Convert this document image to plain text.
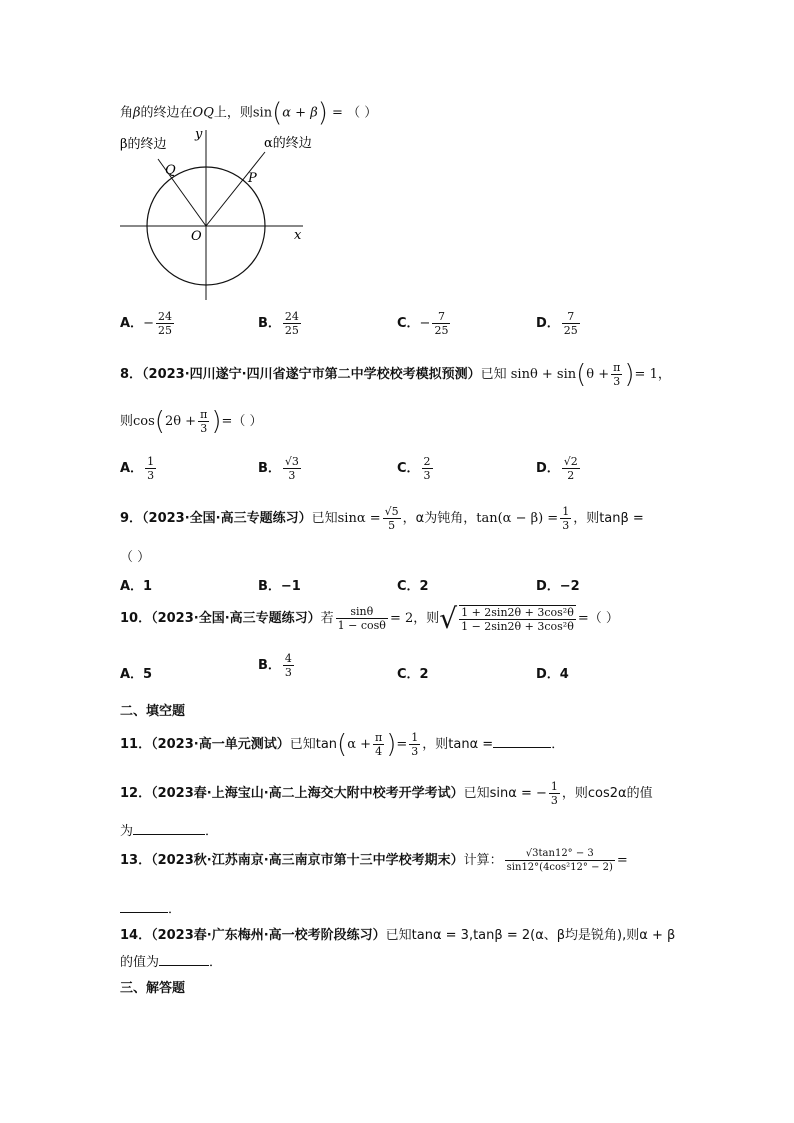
角β的终边在OQ上，则sin(α + β) = （ ）
β的终边	α的终边
Q
P
O	x
y
A．− $\frac{24}{25}$	B． $\frac{24}{25}$	C．− $\frac{7}{25}$	D． $\frac{7}{25}$
8．（2023·四川遂宁·四川省遂宁市第二中学校校考模拟预测）已知 $\sin\theta + \sin(\theta + \frac{\pi}{3}$ )= 1，
则$\cos(2\theta + \frac{\pi}{3}$ )=（ ）
A． $\frac{1}{3}$	B． $\frac{√3}{3}$	C． $\frac{2}{3}$	D． $\frac{√2}{2}$
9．（2023·全国·高三专题练习）已知$\sin\alpha = \frac{√5}{5}$ ，α为钝角，$\tan(\alpha - \beta) = \frac{1}{3}$ ，则tanβ =
（ ）
A．1	B．−1	C．2	D．−2
10．（2023·全国·高三专题练习）若 $\frac{\sin\theta}{1 - \cos\theta} = 2$，则√ $\frac{\text{1 + 2sin2θ + 3cos²θ}}{\text{1 − 2sin2θ + 3cos²θ}}$ =（ ）
A．5
B． $\frac{4}{3}$	C．2	D．4
二、填空题
11．（2023·高一单元测试）已知$\tan(\alpha + \frac{\pi}{4}$ )= $\frac{1}{3}$ ，则tanα =	．
12．（2023春·上海宝山·高二上海交大附中校考开学考试）已知sinα = − $\frac{1}{3}$ ，则cos2α的值
为	．
13．（2023秋·江苏南京·高三南京市第十三中学校考期末）计算： $\frac{√3\tan 12^\circ - 3}{\text{sin12°(4cos²12° − 2)}}$ =
．
14．（2023春·广东梅州·高一校考阶段练习）已知tanα = 3,tanβ = 2(α、β均是锐角),则α + β
的值为	．
三、解答题
